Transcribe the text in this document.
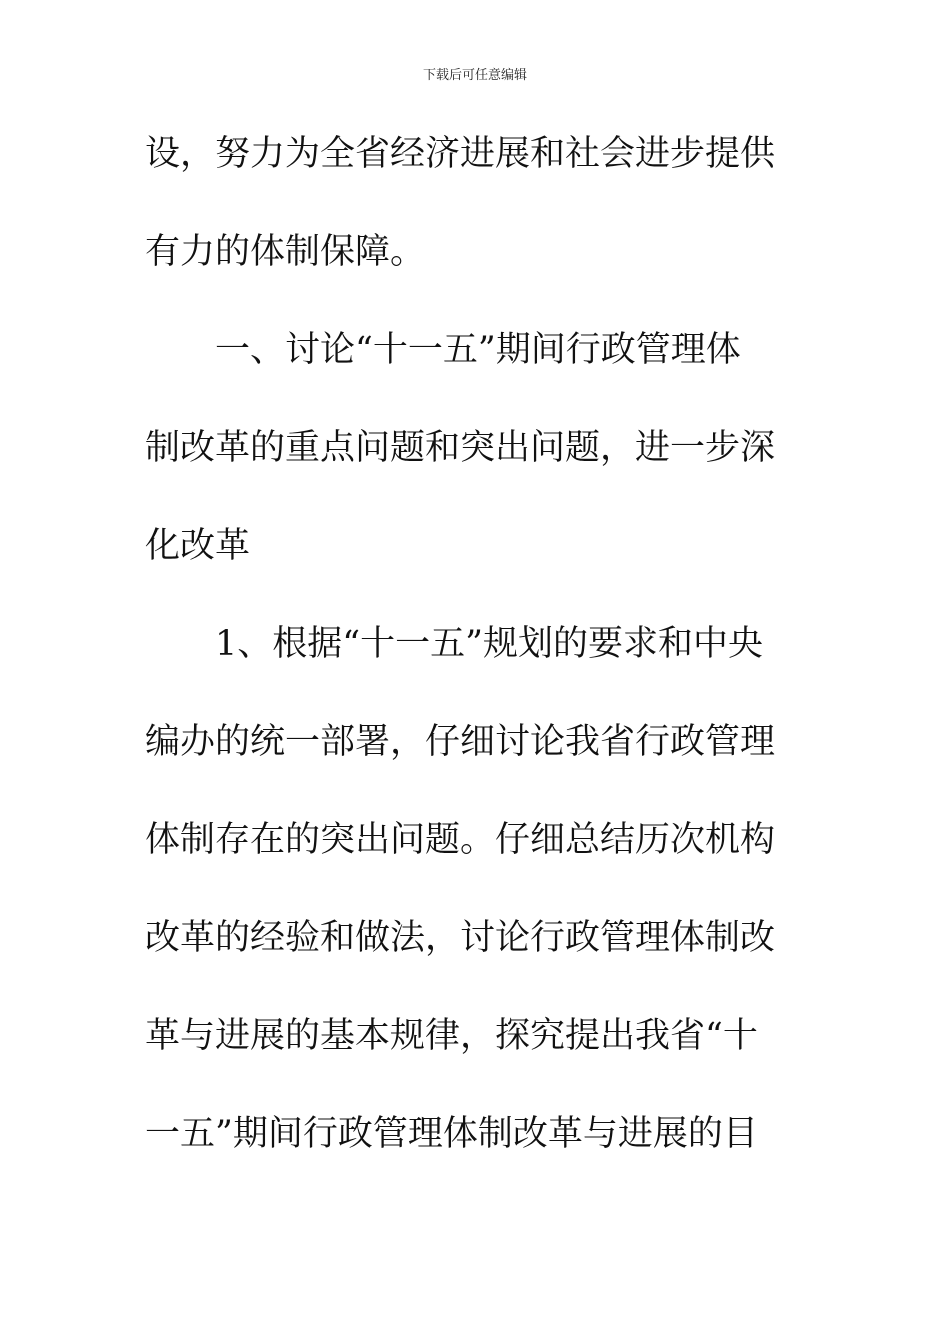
下载后可任意编辑
设，努力为全省经济进展和社会进步提供
有力的体制保障。
一、讨论“十一五”期间行政管理体
制改革的重点问题和突出问题，进一步深
化改革
1、根据“十一五”规划的要求和中央
编办的统一部署，仔细讨论我省行政管理
体制存在的突出问题。仔细总结历次机构
改革的经验和做法，讨论行政管理体制改
革与进展的基本规律，探究提出我省“十
一五”期间行政管理体制改革与进展的目
